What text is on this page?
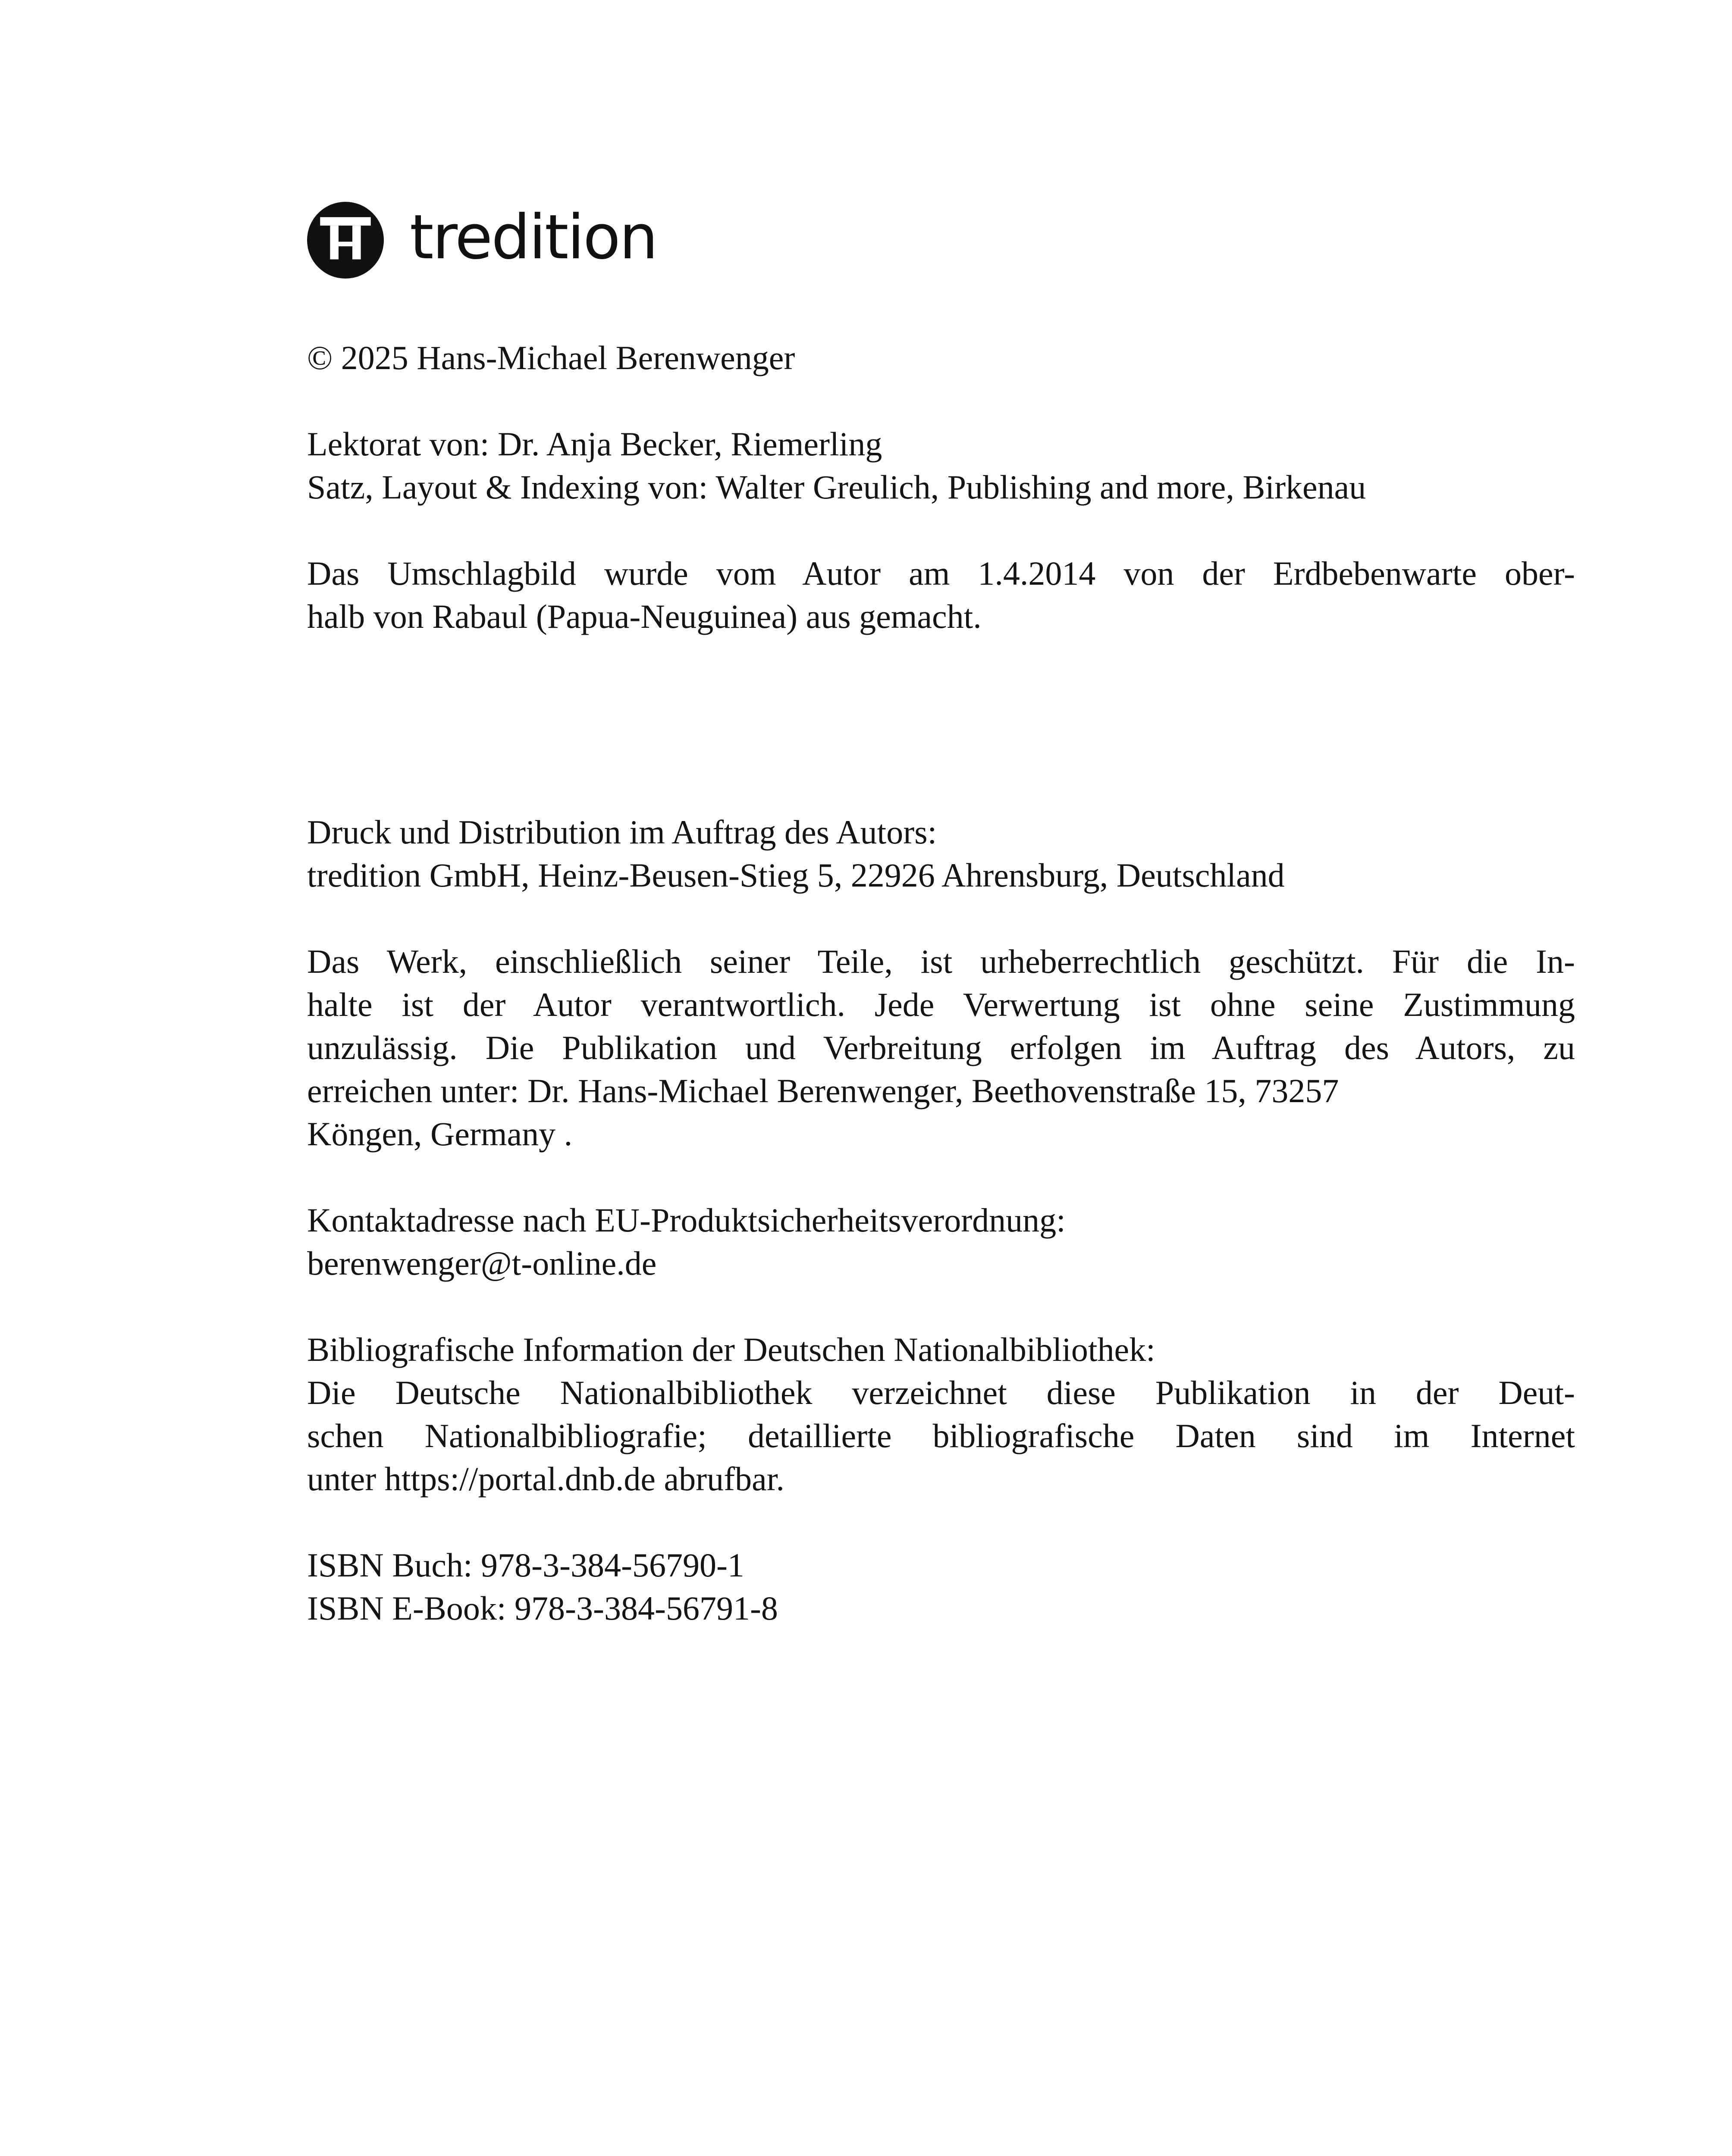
tredition
© 2025 Hans-Michael Berenwenger
Lektorat von: Dr. Anja Becker, Riemerling
Satz, Layout & Indexing von: Walter Greulich, Publishing and more, Birkenau
Das Umschlagbild wurde vom Autor am 1.4.2014 von der Erdbebenwarte ober-
halb von Rabaul (Papua-Neuguinea) aus gemacht.
Druck und Distribution im Auftrag des Autors:
tredition GmbH, Heinz-Beusen-Stieg 5, 22926 Ahrensburg, Deutschland
Das Werk, einschließlich seiner Teile, ist urheberrechtlich geschützt. Für die In-
halte ist der Autor verantwortlich. Jede Verwertung ist ohne seine Zustimmung
unzulässig. Die Publikation und Verbreitung erfolgen im Auftrag des Autors, zu
erreichen unter: Dr. Hans-Michael Berenwenger, Beethovenstraße 15, 73257
Köngen, Germany .
Kontaktadresse nach EU-Produktsicherheitsverordnung:
berenwenger@t-online.de
Bibliografische Information der Deutschen Nationalbibliothek:
Die Deutsche Nationalbibliothek verzeichnet diese Publikation in der Deut-
schen Nationalbibliografie; detaillierte bibliografische Daten sind im Internet
unter https://portal.dnb.de abrufbar.
ISBN Buch: 978-3-384-56790-1
ISBN E-Book: 978-3-384-56791-8
